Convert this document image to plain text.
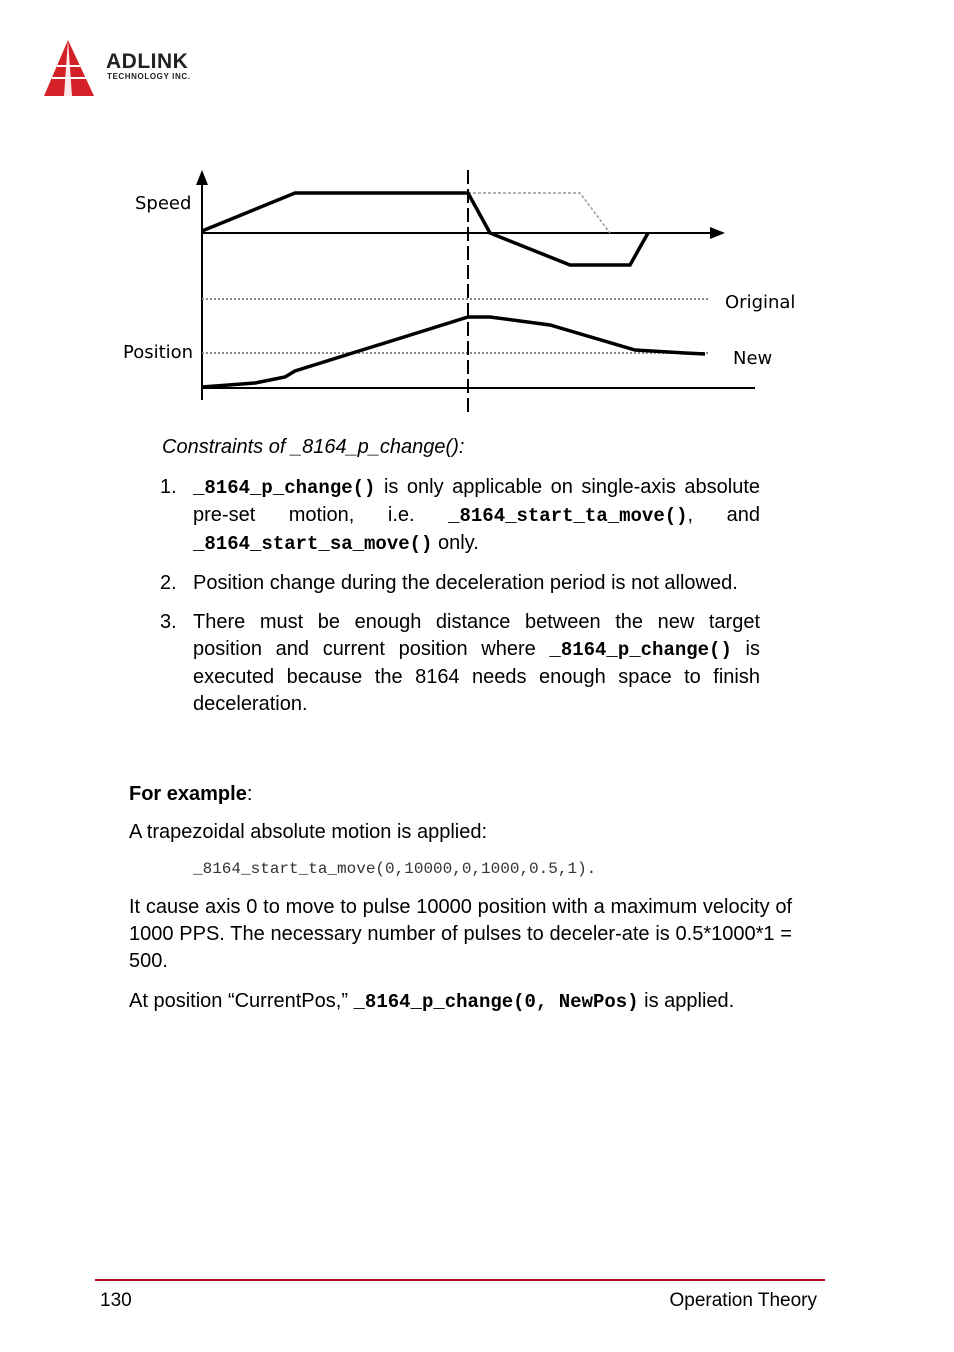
ADLINK
TECHNOLOGY INC.
Speed
Position
Original
New
Constraints of _8164_p_change():
1. _8164_p_change() is only applicable on single-axis absolute pre-set motion, i.e. _8164_start_ta_move(), and _8164_start_sa_move() only.
2. Position change during the deceleration period is not allowed.
3. There must be enough distance between the new target position and current position where _8164_p_change() is executed because the 8164 needs enough space to finish deceleration.
For example:
A trapezoidal absolute motion is applied:
_8164_start_ta_move(0,10000,0,1000,0.5,1).
It cause axis 0 to move to pulse 10000 position with a maximum velocity of 1000 PPS. The necessary number of pulses to deceler-ate is 0.5*1000*1 = 500.
At position “CurrentPos,” _8164_p_change(0, NewPos) is applied.
130	Operation Theory
